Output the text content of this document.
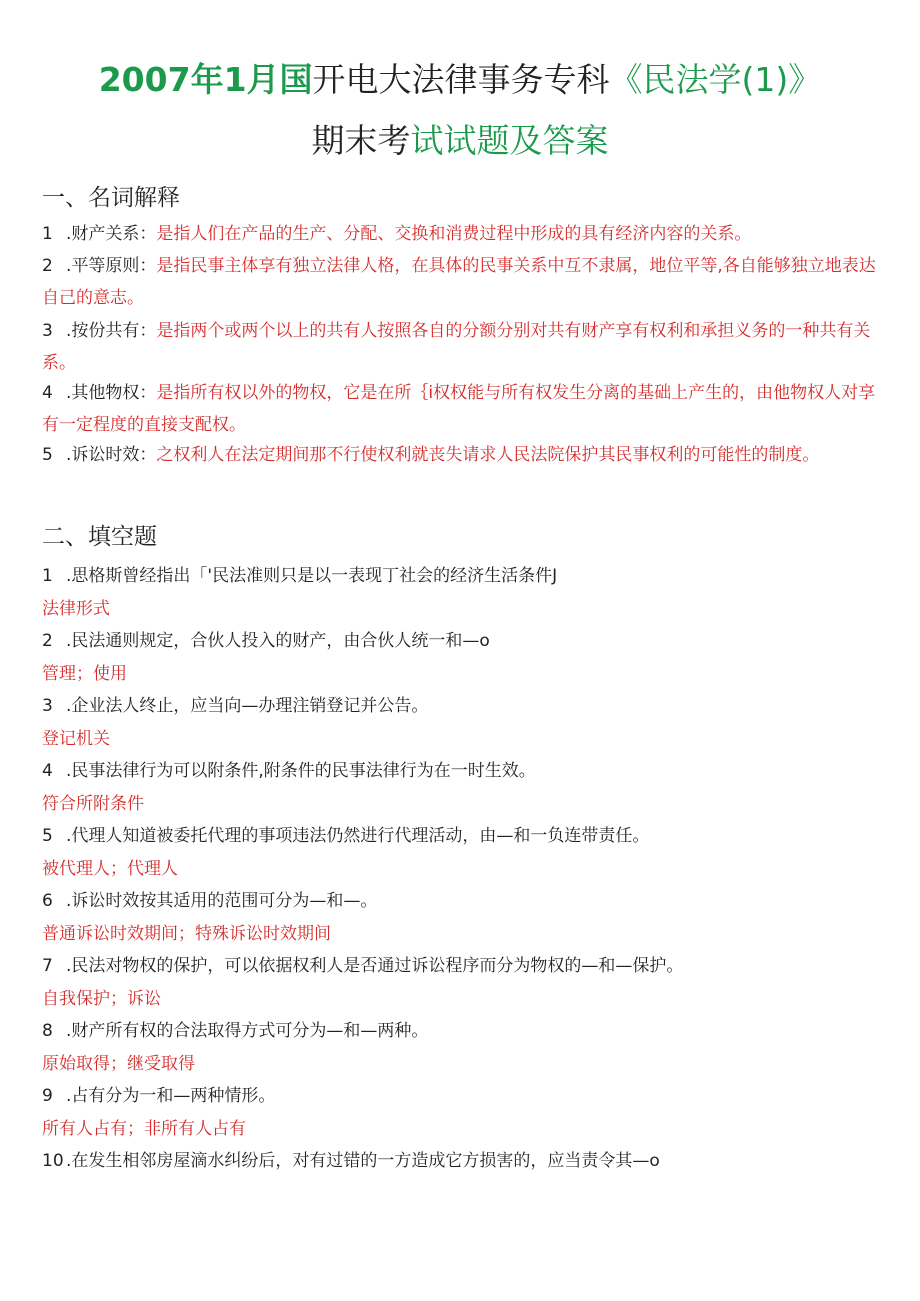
2007年1月国开电大法律事务专科《民法学(1)》
期末考试试题及答案
一、名词解释
1 .财产关系：是指人们在产品的生产、分配、交换和消费过程中形成的具有经济内容的关系。
2 .平等原则：是指民事主体享有独立法律人格，在具体的民事关系中互不隶属，地位平等,各自能够独立地表达自己的意志。
3 .按份共有：是指两个或两个以上的共有人按照各自的分额分别对共有财产享有权利和承担义务的一种共有关系。
4 .其他物权：是指所有权以外的物权，它是在所｛i权权能与所有权发生分离的基础上产生的，由他物权人对享有一定程度的直接支配权。
5 .诉讼时效：之权利人在法定期间那不行使权利就丧失请求人民法院保护其民事权利的可能性的制度。
二、填空题
1 .思格斯曾经指出「'民法准则只是以一表现丁社会的经济生活条件J
法律形式
2 .民法通则规定，合伙人投入的财产，由合伙人统一和—o
管理；使用
3 .企业法人终止，应当向—办理注销登记并公告。
登记机关
4 .民事法律行为可以附条件,附条件的民事法律行为在一时生效。
符合所附条件
5 .代理人知道被委托代理的事项违法仍然进行代理活动，由—和一负连带责任。
被代理人；代理人
6 .诉讼时效按其适用的范围可分为—和—。
普通诉讼时效期间；特殊诉讼时效期间
7 .民法对物权的保护，可以依据权利人是否通过诉讼程序而分为物权的—和—保护。
自我保护；诉讼
8 .财产所有权的合法取得方式可分为—和—两种。
原始取得；继受取得
9 .占有分为一和—两种情形。
所有人占有；非所有人占有
10 .在发生相邻房屋滴水纠纷后，对有过错的一方造成它方损害的，应当责令其—o
